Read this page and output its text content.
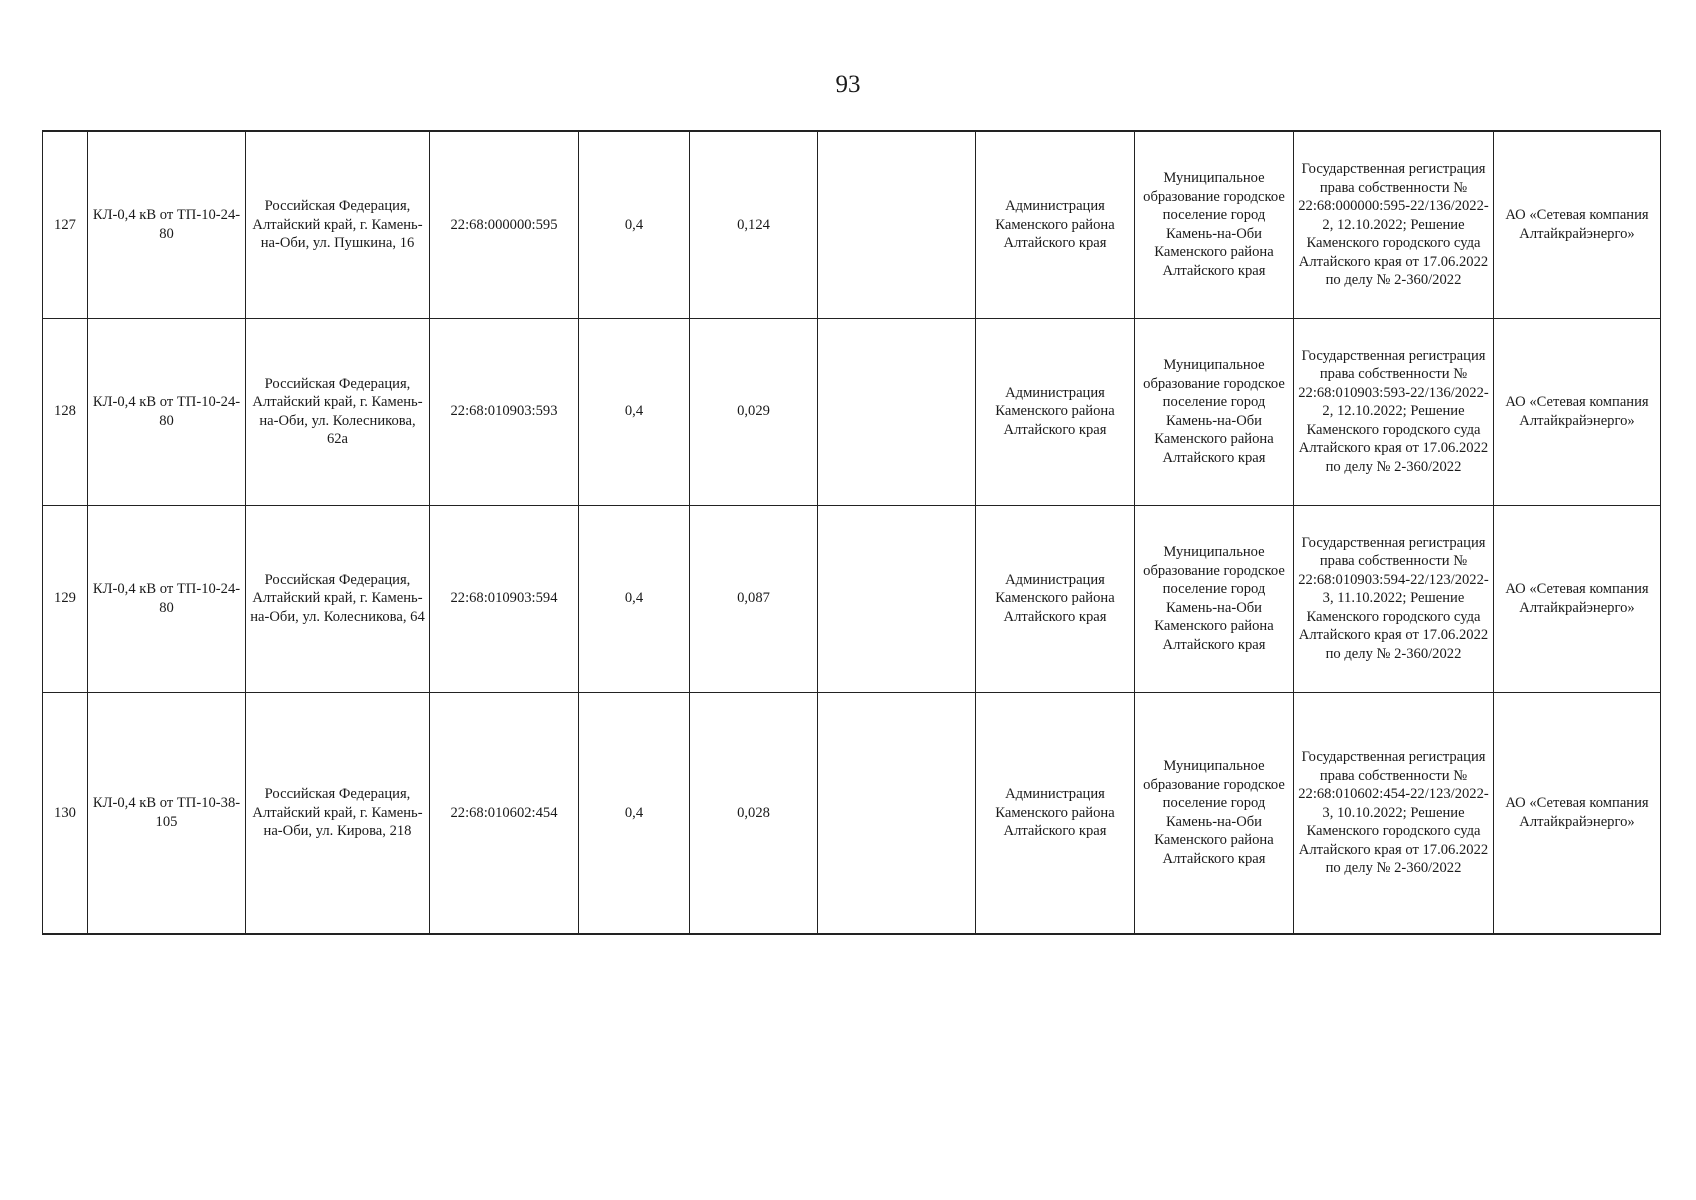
93
127	КЛ-0,4 кВ от ТП-10-24-80	Российская Федерация, Алтайский край, г. Камень-на-Оби, ул. Пушкина, 16	22:68:000000:595	0,4	0,124		Администрация Каменского района Алтайского края	Муниципальное образование городское поселение город Камень-на-Оби Каменского района Алтайского края	Государственная регистрация права собственности № 22:68:000000:595-22/136/2022-2, 12.10.2022; Решение Каменского городского суда Алтайского края от 17.06.2022 по делу № 2-360/2022	АО «Сетевая компания Алтайкрайэнерго»
128	КЛ-0,4 кВ от ТП-10-24-80	Российская Федерация, Алтайский край, г. Камень-на-Оби, ул. Колесникова, 62а	22:68:010903:593	0,4	0,029		Администрация Каменского района Алтайского края	Муниципальное образование городское поселение город Камень-на-Оби Каменского района Алтайского края	Государственная регистрация права собственности № 22:68:010903:593-22/136/2022-2, 12.10.2022; Решение Каменского городского суда Алтайского края от 17.06.2022 по делу № 2-360/2022	АО «Сетевая компания Алтайкрайэнерго»
129	КЛ-0,4 кВ от ТП-10-24-80	Российская Федерация, Алтайский край, г. Камень-на-Оби, ул. Колесникова, 64	22:68:010903:594	0,4	0,087		Администрация Каменского района Алтайского края	Муниципальное образование городское поселение город Камень-на-Оби Каменского района Алтайского края	Государственная регистрация права собственности № 22:68:010903:594-22/123/2022-3, 11.10.2022; Решение Каменского городского суда Алтайского края от 17.06.2022 по делу № 2-360/2022	АО «Сетевая компания Алтайкрайэнерго»
130	КЛ-0,4 кВ от ТП-10-38-105	Российская Федерация, Алтайский край, г. Камень-на-Оби, ул. Кирова, 218	22:68:010602:454	0,4	0,028		Администрация Каменского района Алтайского края	Муниципальное образование городское поселение город Камень-на-Оби Каменского района Алтайского края	Государственная регистрация права собственности № 22:68:010602:454-22/123/2022-3, 10.10.2022; Решение Каменского городского суда Алтайского края от 17.06.2022 по делу № 2-360/2022	АО «Сетевая компания Алтайкрайэнерго»
